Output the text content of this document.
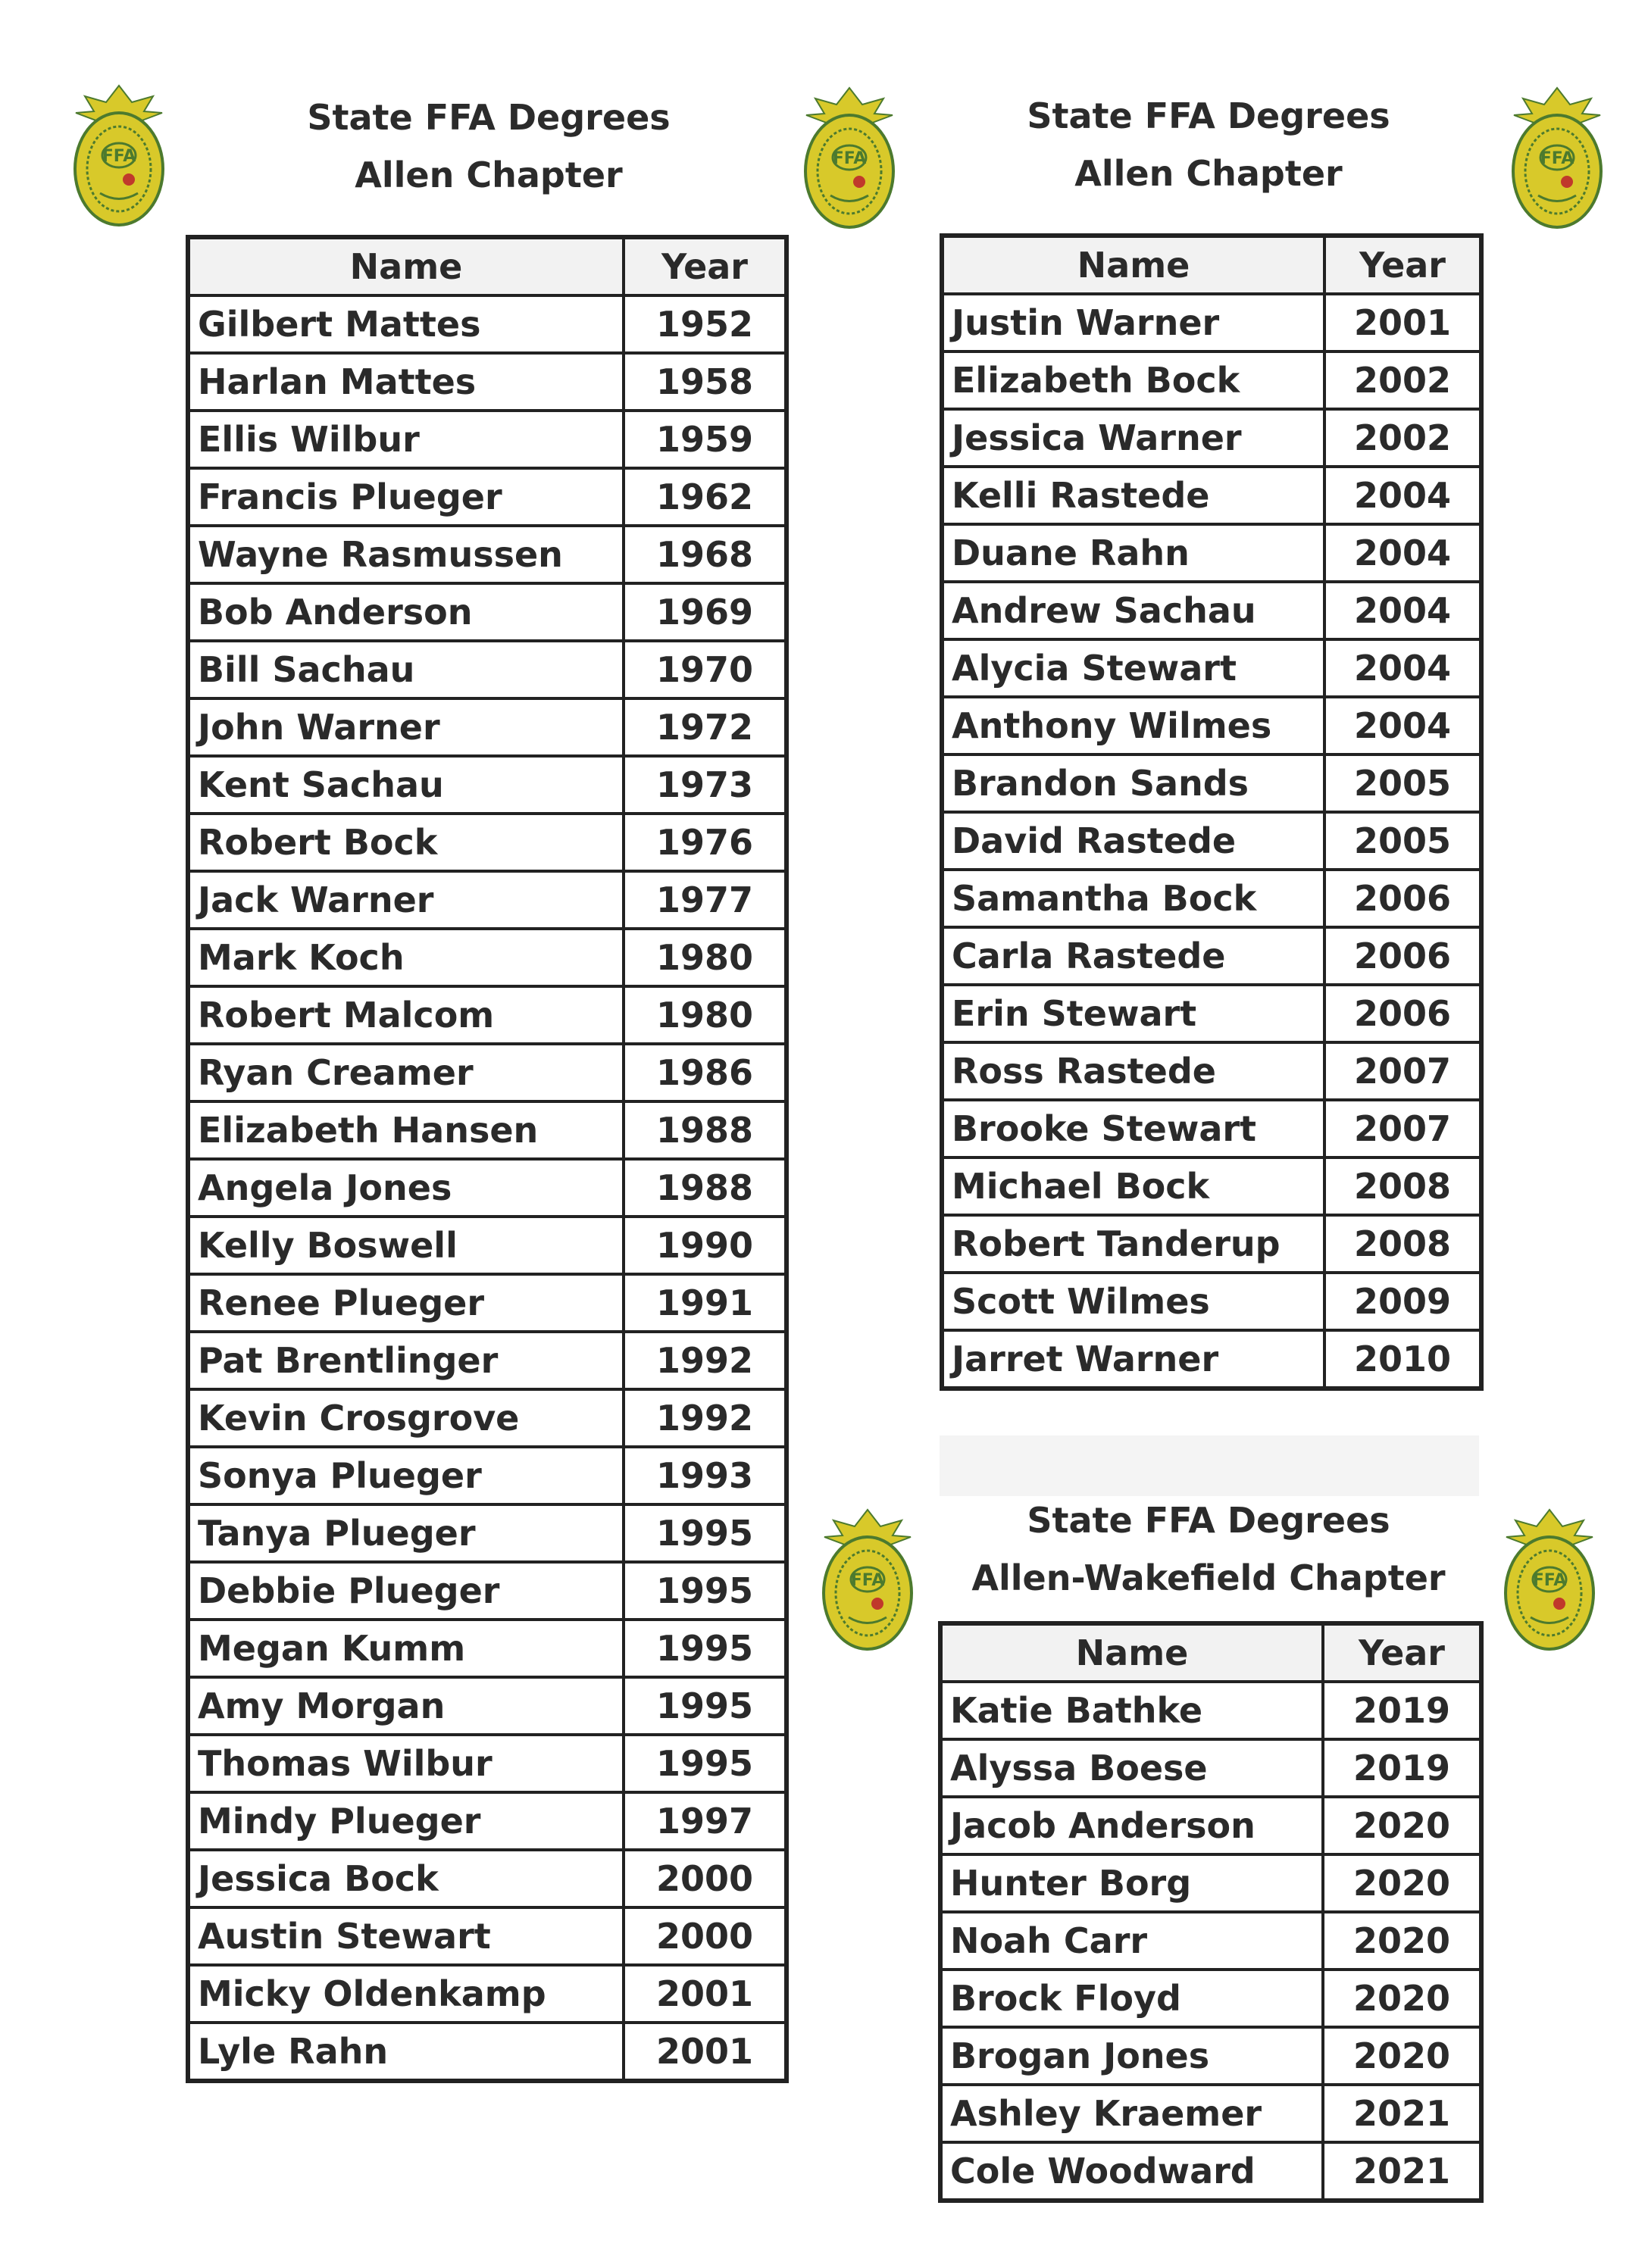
FFA	FFA	FFA
FFA	FFA
State FFA Degrees
Allen Chapter
State FFA Degrees
Allen Chapter
State FFA Degrees
Allen-Wakefield Chapter
Name	Year
Gilbert Mattes	1952
Harlan Mattes	1958
Ellis Wilbur	1959
Francis Plueger	1962
Wayne Rasmussen	1968
Bob Anderson	1969
Bill Sachau	1970
John Warner	1972
Kent Sachau	1973
Robert Bock	1976
Jack Warner	1977
Mark Koch	1980
Robert Malcom	1980
Ryan Creamer	1986
Elizabeth Hansen	1988
Angela Jones	1988
Kelly Boswell	1990
Renee Plueger	1991
Pat Brentlinger	1992
Kevin Crosgrove	1992
Sonya Plueger	1993
Tanya Plueger	1995
Debbie Plueger	1995
Megan Kumm	1995
Amy Morgan	1995
Thomas Wilbur	1995
Mindy Plueger	1997
Jessica Bock	2000
Austin Stewart	2000
Micky Oldenkamp	2001
Lyle Rahn	2001
Name	Year
Justin Warner	2001
Elizabeth Bock	2002
Jessica Warner	2002
Kelli Rastede	2004
Duane Rahn	2004
Andrew Sachau	2004
Alycia Stewart	2004
Anthony Wilmes	2004
Brandon Sands	2005
David Rastede	2005
Samantha Bock	2006
Carla Rastede	2006
Erin Stewart	2006
Ross Rastede	2007
Brooke Stewart	2007
Michael Bock	2008
Robert Tanderup	2008
Scott Wilmes	2009
Jarret Warner	2010
Name	Year
Katie Bathke	2019
Alyssa Boese	2019
Jacob Anderson	2020
Hunter Borg	2020
Noah Carr	2020
Brock Floyd	2020
Brogan Jones	2020
Ashley Kraemer	2021
Cole Woodward	2021
